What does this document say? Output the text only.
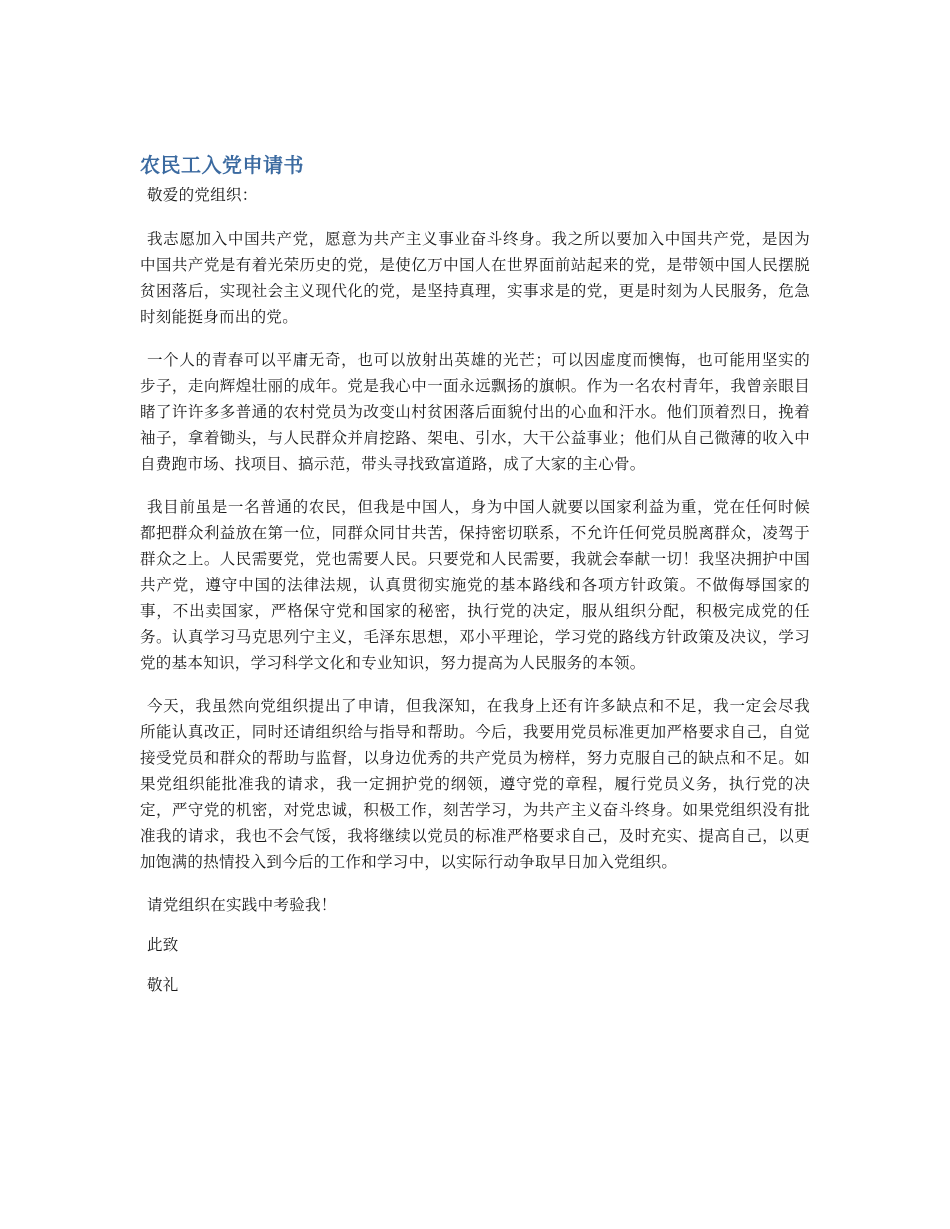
农民工入党申请书

敬爱的党组织：

我志愿加入中国共产党，愿意为共产主义事业奋斗终身。我之所以要加入中国共产党，是因为中国共产党是有着光荣历史的党，是使亿万中国人在世界面前站起来的党，是带领中国人民摆脱贫困落后，实现社会主义现代化的党，是坚持真理，实事求是的党，更是时刻为人民服务，危急时刻能挺身而出的党。

一个人的青春可以平庸无奇，也可以放射出英雄的光芒；可以因虚度而懊悔，也可能用坚实的步子，走向辉煌壮丽的成年。党是我心中一面永远飘扬的旗帜。作为一名农村青年，我曾亲眼目睹了许许多多普通的农村党员为改变山村贫困落后面貌付出的心血和汗水。他们顶着烈日，挽着袖子，拿着锄头，与人民群众并肩挖路、架电、引水，大干公益事业；他们从自己微薄的收入中自费跑市场、找项目、搞示范，带头寻找致富道路，成了大家的主心骨。

我目前虽是一名普通的农民，但我是中国人，身为中国人就要以国家利益为重，党在任何时候都把群众利益放在第一位，同群众同甘共苦，保持密切联系，不允许任何党员脱离群众，凌驾于群众之上。人民需要党，党也需要人民。只要党和人民需要，我就会奉献一切！我坚决拥护中国共产党，遵守中国的法律法规，认真贯彻实施党的基本路线和各项方针政策。不做侮辱国家的事，不出卖国家，严格保守党和国家的秘密，执行党的决定，服从组织分配，积极完成党的任务。认真学习马克思列宁主义，毛泽东思想，邓小平理论，学习党的路线方针政策及决议，学习党的基本知识，学习科学文化和专业知识，努力提高为人民服务的本领。

今天，我虽然向党组织提出了申请，但我深知，在我身上还有许多缺点和不足，我一定会尽我所能认真改正，同时还请组织给与指导和帮助。今后，我要用党员标准更加严格要求自己，自觉接受党员和群众的帮助与监督，以身边优秀的共产党员为榜样，努力克服自己的缺点和不足。如果党组织能批准我的请求，我一定拥护党的纲领，遵守党的章程，履行党员义务，执行党的决定，严守党的机密，对党忠诚，积极工作，刻苦学习，为共产主义奋斗终身。如果党组织没有批准我的请求，我也不会气馁，我将继续以党员的标准严格要求自己，及时充实、提高自己，以更加饱满的热情投入到今后的工作和学习中，以实际行动争取早日加入党组织。

请党组织在实践中考验我！

此致

敬礼
